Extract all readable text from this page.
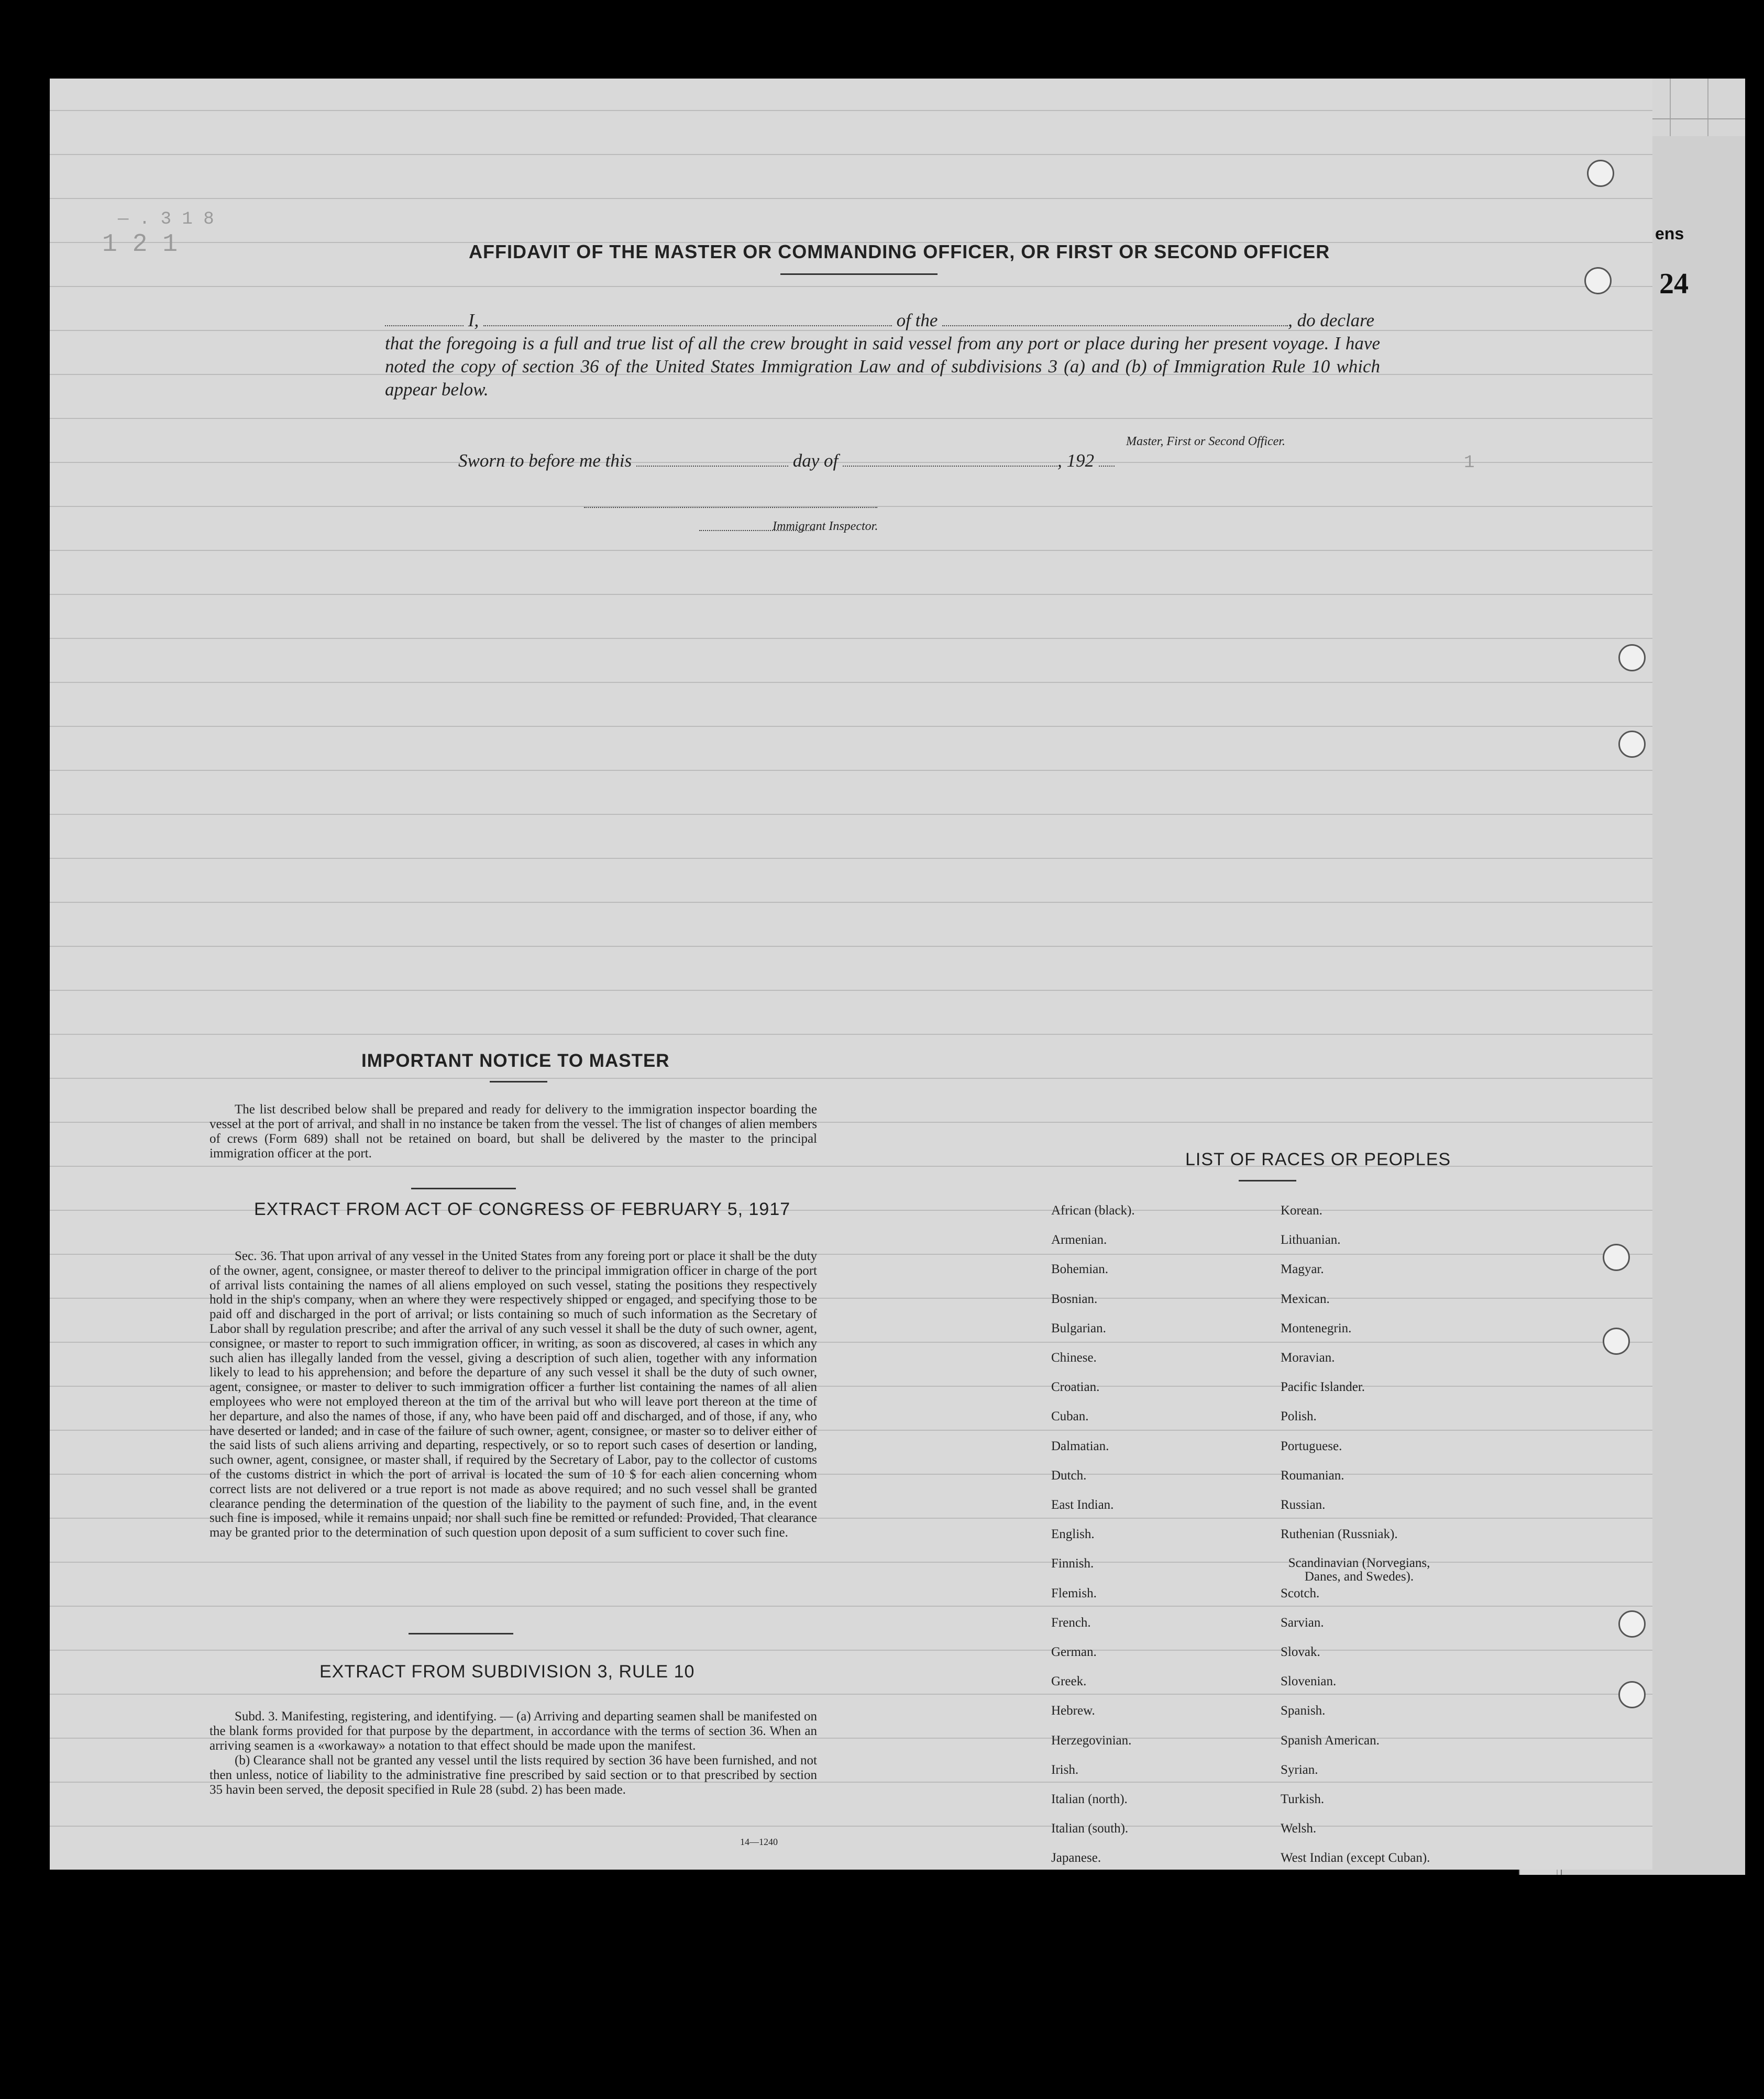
ens
24
— . 3 1 8
1 2 1
1
AFFIDAVIT OF THE MASTER OR COMMANDING OFFICER, OR FIRST OR SECOND OFFICER
I,	of the	, do declare
that the foregoing is a full and true list of all the crew brought in said vessel from any port or place during her present voyage. I have noted the copy of section 36 of the United States Immigration Law and of subdivisions 3 (a) and (b) of Immigration Rule 10 which appear below.
Master, First or Second Officer.
Sworn to before me this	day of	, 192
Immigrant Inspector.
IMPORTANT NOTICE TO MASTER
The list described below shall be prepared and ready for delivery to the immigration inspector boarding the vessel at the port of arrival, and shall in no instance be taken from the vessel. The list of changes of alien members of crews (Form 689) shall not be retained on board, but shall be delivered by the master to the principal immigration officer at the port.
EXTRACT FROM ACT OF CONGRESS OF FEBRUARY 5, 1917
Sec. 36. That upon arrival of any vessel in the United States from any foreing port or place it shall be the duty of the owner, agent, consignee, or master thereof to deliver to the principal immigration officer in charge of the port of arrival lists containing the names of all aliens employed on such vessel, stating the positions they respectively hold in the ship's company, when an where they were respectively shipped or engaged, and specifying those to be paid off and discharged in the port of arrival; or lists containing so much of such information as the Secretary of Labor shall by regulation prescribe; and after the arrival of any such vessel it shall be the duty of such owner, agent, consignee, or master to report to such immigration officer, in writing, as soon as discovered, al cases in which any such alien has illegally landed from the vessel, giving a description of such alien, together with any information likely to lead to his apprehension; and before the departure of any such vessel it shall be the duty of such owner, agent, consignee, or master to deliver to such immigration officer a further list containing the names of all alien employees who were not employed thereon at the tim of the arrival but who will leave port thereon at the time of her departure, and also the names of those, if any, who have been paid off and discharged, and of those, if any, who have deserted or landed; and in case of the failure of such owner, agent, consignee, or master so to deliver either of the said lists of such aliens arriving and departing, respectively, or so to report such cases of desertion or landing, such owner, agent, consignee, or master shall, if required by the Secretary of Labor, pay to the collector of customs of the customs district in which the port of arrival is located the sum of 10 $ for each alien concerning whom correct lists are not delivered or a true report is not made as above required; and no such vessel shall be granted clearance pending the determination of the question of the liability to the payment of such fine, and, in the event such fine is imposed, while it remains unpaid; nor shall such fine be remitted or refunded: Provided, That clearance may be granted prior to the determination of such question upon deposit of a sum sufficient to cover such fine.
EXTRACT FROM SUBDIVISION 3, RULE 10

Subd. 3. Manifesting, registering, and identifying. — (a) Arriving and departing seamen shall be manifested on the blank forms provided for that purpose by the department, in accordance with the terms of section 36. When an arriving seamen is a «workaway» a notation to that effect should be made upon the manifest.

(b) Clearance shall not be granted any vessel until the lists required by section 36 have been furnished, and not then unless, notice of liability to the administrative fine prescribed by said section or to that prescribed by section 35 havin been served, the deposit specified in Rule 28 (subd. 2) has been made.

14—1240
LIST OF RACES OR PEOPLES
African (black).
Armenian.
Bohemian.
Bosnian.
Bulgarian.
Chinese.
Croatian.
Cuban.
Dalmatian.
Dutch.
East Indian.
English.
Finnish.
Flemish.
French.
German.
Greek.
Hebrew.
Herzegovinian.
Irish.
Italian (north).
Italian (south).
Japanese.
Korean.
Lithuanian.
Magyar.
Mexican.
Montenegrin.
Moravian.
Pacific Islander.
Polish.
Portuguese.
Roumanian.
Russian.
Ruthenian (Russniak).
Scandinavian (Norvegians, Danes, and Swedes).
Scotch.
Sarvian.
Slovak.
Slovenian.
Spanish.
Spanish American.
Syrian.
Turkish.
Welsh.
West Indian (except Cuban).
